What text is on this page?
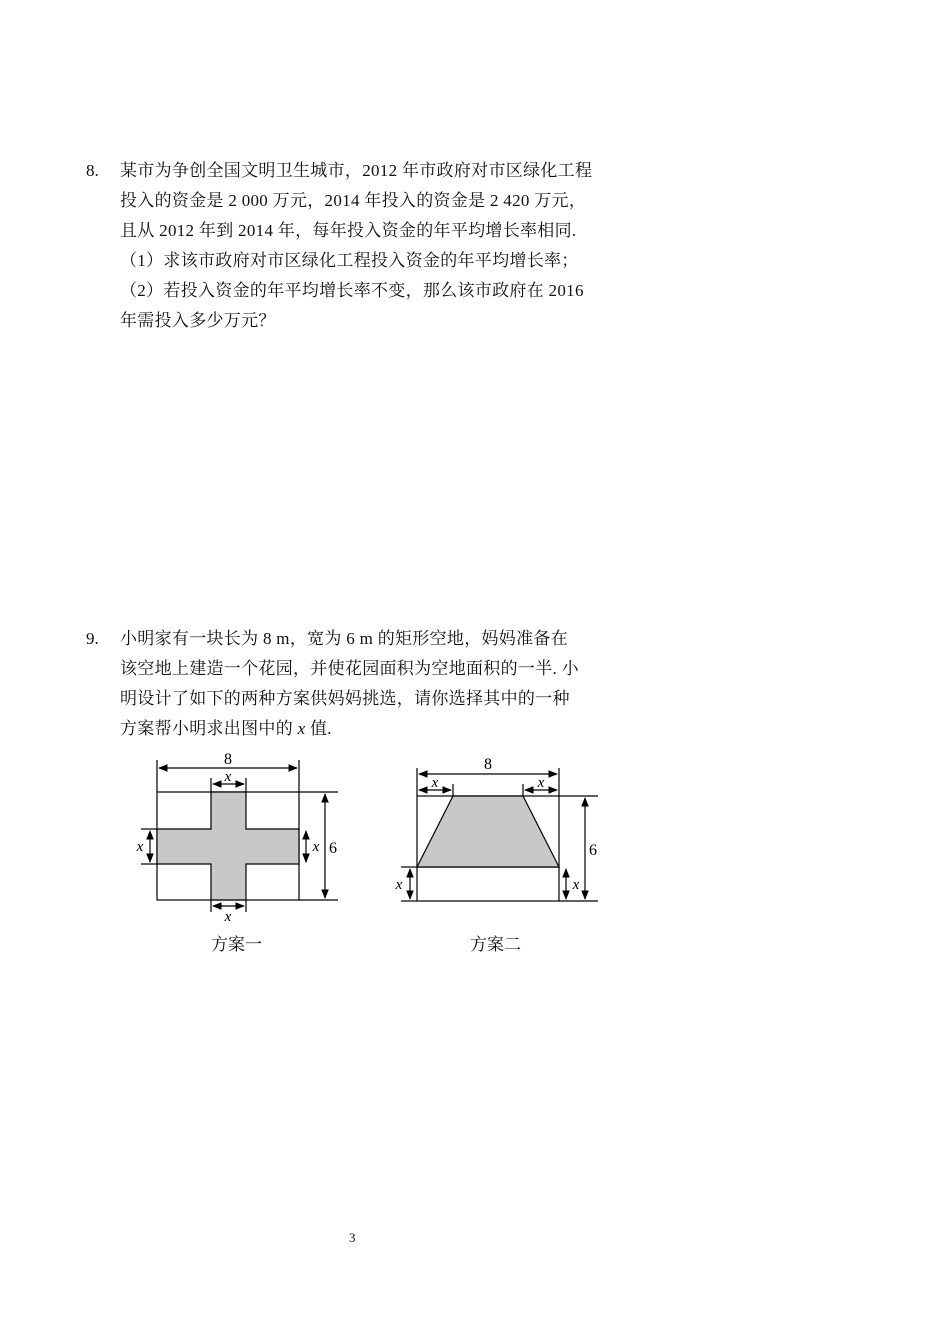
8. 某市为争创全国文明卫生城市，2012 年市政府对市区绿化工程
投入的资金是 2 000 万元，2014 年投入的资金是 2 420 万元，
且从 2012 年到 2014 年，每年投入资金的年平均增长率相同.
（1）求该市政府对市区绿化工程投入资金的年平均增长率；
（2）若投入资金的年平均增长率不变，那么该市政府在 2016
年需投入多少万元？
9. 小明家有一块长为 8 m，宽为 6 m 的矩形空地，妈妈准备在
该空地上建造一个花园，并使花园面积为空地面积的一半. 小
明设计了如下的两种方案供妈妈挑选，请你选择其中的一种
方案帮小明求出图中的 x 值.
8
x
x
x	x 6
8
x	x
x	x
6
方案一	方案二
3
